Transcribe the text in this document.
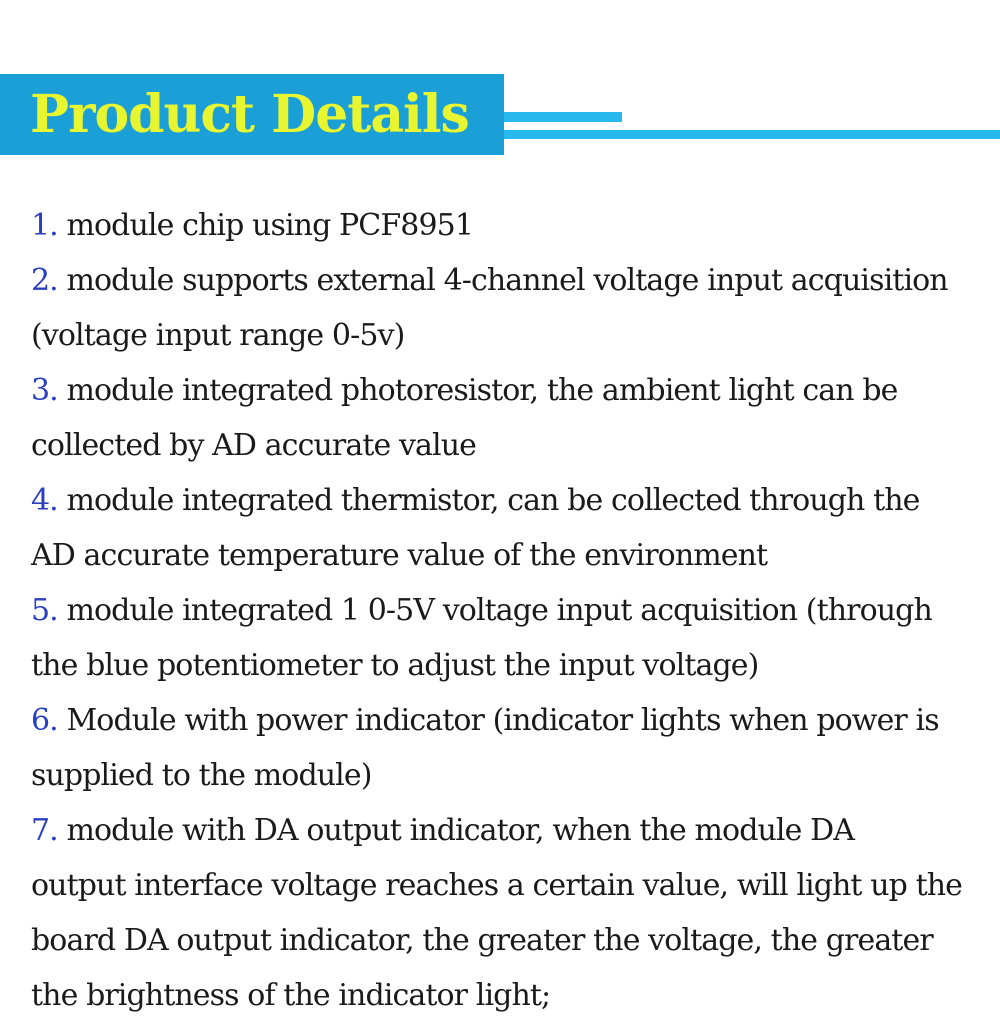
Product Details
1. module chip using PCF8951
2. module supports external 4-channel voltage input acquisition
(voltage input range 0-5v)
3. module integrated photoresistor, the ambient light can be
collected by AD accurate value
4. module integrated thermistor, can be collected through the
AD accurate temperature value of the environment
5. module integrated 1 0-5V voltage input acquisition (through
the blue potentiometer to adjust the input voltage)
6. Module with power indicator (indicator lights when power is
supplied to the module)
7. module with DA output indicator, when the module DA
output interface voltage reaches a certain value, will light up the
board DA output indicator, the greater the voltage, the greater
the brightness of the indicator light;
